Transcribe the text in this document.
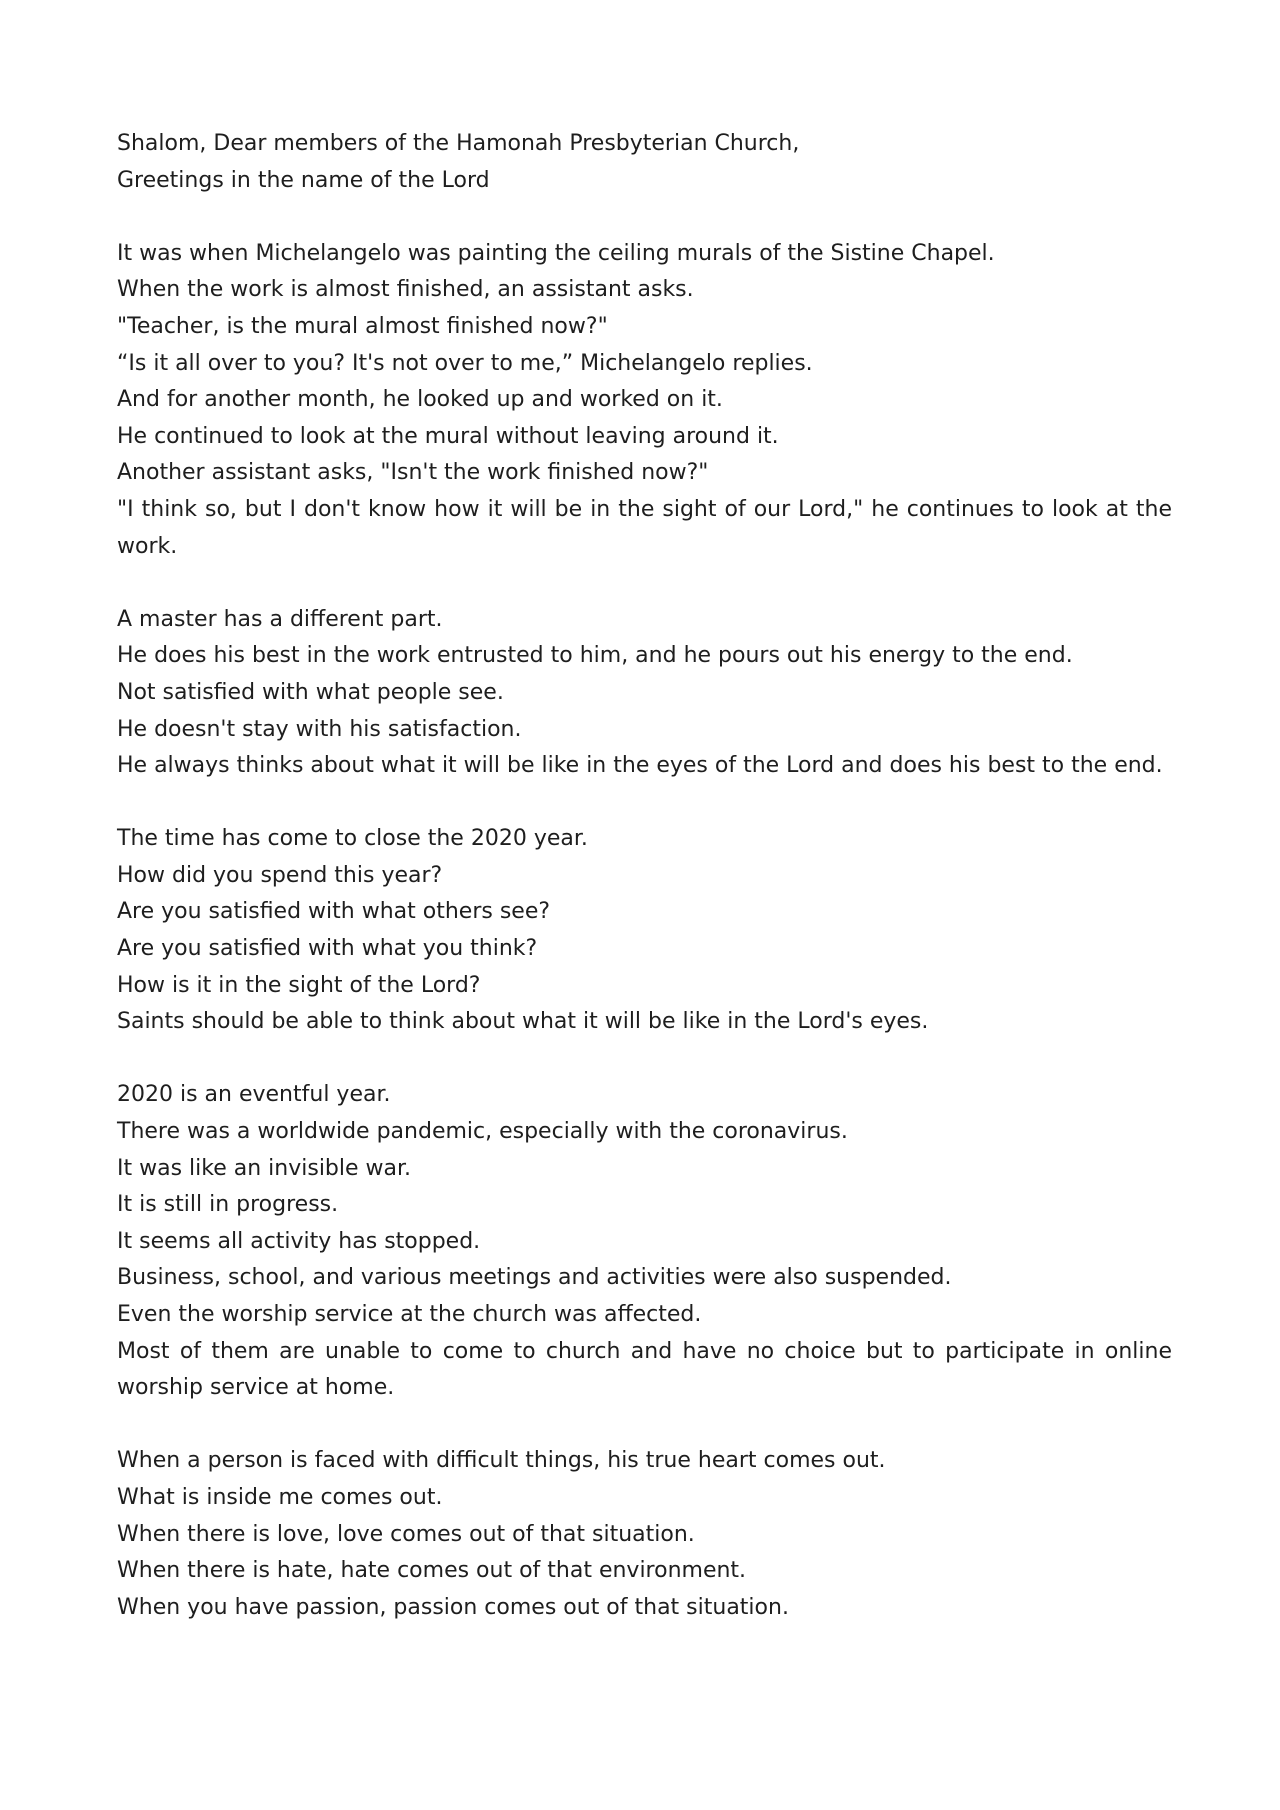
Shalom, Dear members of the Hamonah Presbyterian Church,
Greetings in the name of the Lord
It was when Michelangelo was painting the ceiling murals of the Sistine Chapel.
When the work is almost finished, an assistant asks.
"Teacher, is the mural almost finished now?"
“Is it all over to you? It's not over to me,” Michelangelo replies.
And for another month, he looked up and worked on it.
He continued to look at the mural without leaving around it.
Another assistant asks, "Isn't the work finished now?"
"I think so, but I don't know how it will be in the sight of our Lord," he continues to look at the work.
A master has a different part.
He does his best in the work entrusted to him, and he pours out his energy to the end.
Not satisfied with what people see.
He doesn't stay with his satisfaction.
He always thinks about what it will be like in the eyes of the Lord and does his best to the end.
The time has come to close the 2020 year.
How did you spend this year?
Are you satisfied with what others see?
Are you satisfied with what you think?
How is it in the sight of the Lord?
Saints should be able to think about what it will be like in the Lord's eyes.
2020 is an eventful year.
There was a worldwide pandemic, especially with the coronavirus.
It was like an invisible war.
It is still in progress.
It seems all activity has stopped.
Business, school, and various meetings and activities were also suspended.
Even the worship service at the church was affected.
Most of them are unable to come to church and have no choice but to participate in online worship service at home.
When a person is faced with difficult things, his true heart comes out.
What is inside me comes out.
When there is love, love comes out of that situation.
When there is hate, hate comes out of that environment.
When you have passion, passion comes out of that situation.
